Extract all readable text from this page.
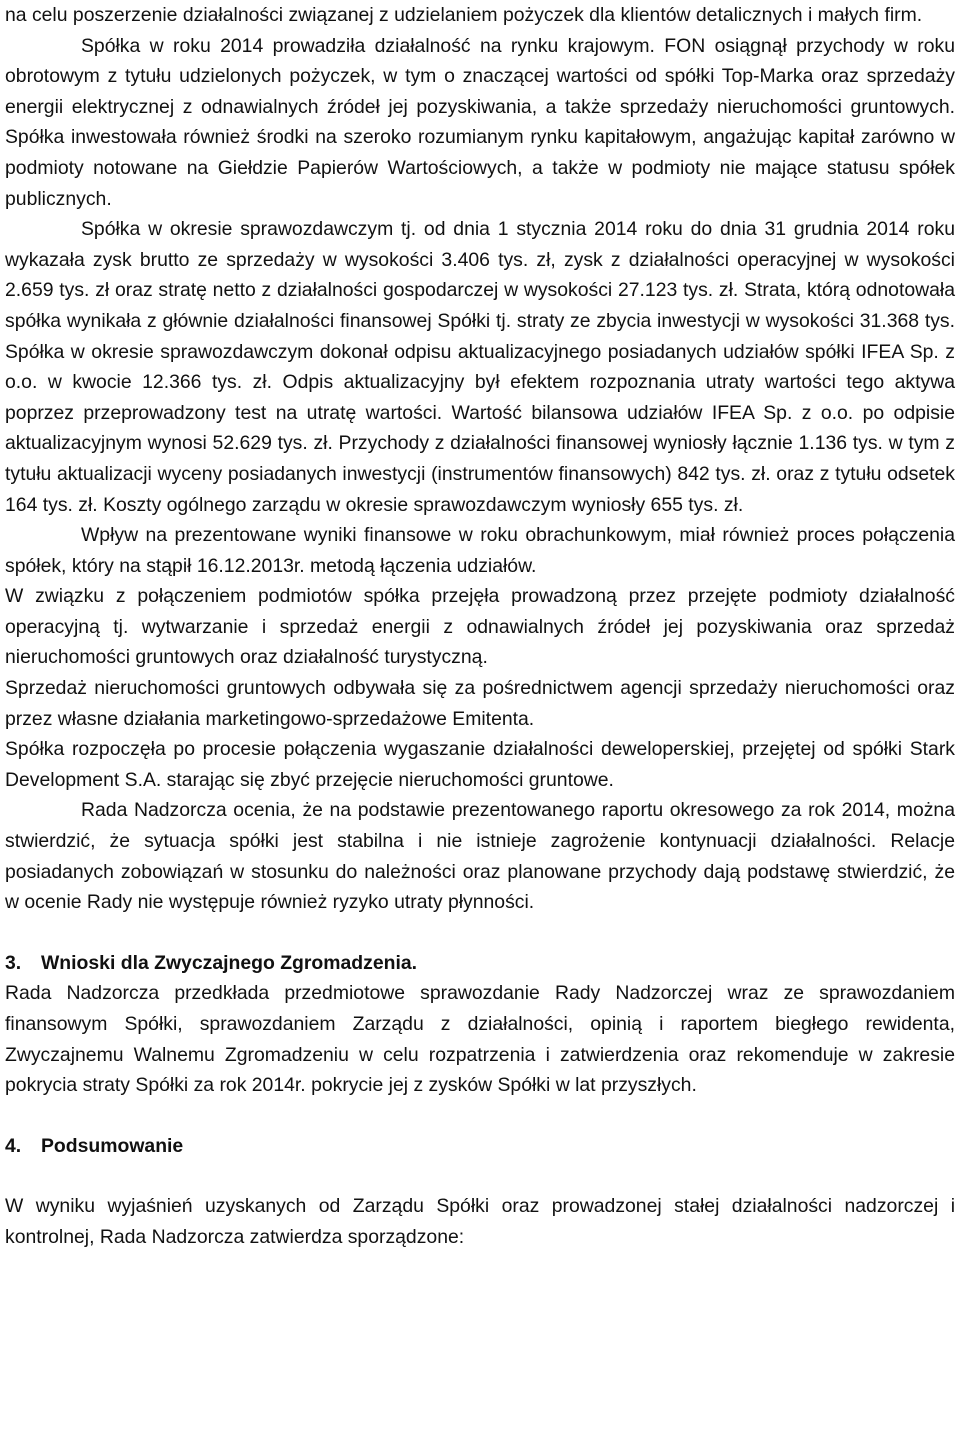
na celu poszerzenie działalności związanej z udzielaniem pożyczek dla klientów detalicznych i małych firm.

Spółka w roku 2014 prowadziła działalność na rynku krajowym. FON osiągnął przychody w roku obrotowym z tytułu udzielonych pożyczek, w tym o znaczącej wartości od spółki Top-Marka oraz sprzedaży energii elektrycznej z odnawialnych źródeł jej pozyskiwania, a także sprzedaży nieruchomości gruntowych. Spółka inwestowała również środki na szeroko rozumianym rynku kapitałowym, angażując kapitał zarówno w podmioty notowane na Giełdzie Papierów Wartościowych, a także w podmioty nie mające statusu spółek publicznych.

Spółka w okresie sprawozdawczym tj. od dnia 1 stycznia 2014 roku do dnia 31 grudnia 2014 roku wykazała zysk brutto ze sprzedaży w wysokości 3.406 tys. zł, zysk z działalności operacyjnej w wysokości 2.659 tys. zł oraz stratę netto z działalności gospodarczej w wysokości 27.123 tys. zł. Strata, którą odnotowała spółka wynikała z głównie działalności finansowej Spółki tj. straty ze zbycia inwestycji w wysokości 31.368 tys. Spółka w okresie sprawozdawczym dokonał odpisu aktualizacyjnego posiadanych udziałów spółki IFEA Sp. z o.o. w kwocie 12.366 tys. zł. Odpis aktualizacyjny był efektem rozpoznania utraty wartości tego aktywa poprzez przeprowadzony test na utratę wartości. Wartość bilansowa udziałów IFEA Sp. z o.o. po odpisie aktualizacyjnym wynosi 52.629 tys. zł. Przychody z działalności finansowej wyniosły łącznie 1.136 tys. w tym z tytułu aktualizacji wyceny posiadanych inwestycji (instrumentów finansowych) 842 tys. zł. oraz z tytułu odsetek 164 tys. zł. Koszty ogólnego zarządu w okresie sprawozdawczym wyniosły 655 tys. zł.

Wpływ na prezentowane wyniki finansowe w roku obrachunkowym, miał również proces połączenia spółek, który na stąpił 16.12.2013r. metodą łączenia udziałów.

W związku z połączeniem podmiotów spółka przejęła prowadzoną przez przejęte podmioty działalność operacyjną tj. wytwarzanie i sprzedaż energii z odnawialnych źródeł jej pozyskiwania oraz sprzedaż nieruchomości gruntowych oraz działalność turystyczną.

Sprzedaż nieruchomości gruntowych odbywała się za pośrednictwem agencji sprzedaży nieruchomości oraz przez własne działania marketingowo-sprzedażowe Emitenta.

Spółka rozpoczęła po procesie połączenia wygaszanie działalności deweloperskiej, przejętej od spółki Stark Development S.A. starając się zbyć przejęcie nieruchomości gruntowe.

Rada Nadzorcza ocenia, że na podstawie prezentowanego raportu okresowego za rok 2014, można stwierdzić, że sytuacja spółki jest stabilna i nie istnieje zagrożenie kontynuacji działalności. Relacje posiadanych zobowiązań w stosunku do należności oraz planowane przychody dają podstawę stwierdzić, że w ocenie Rady nie występuje również ryzyko utraty płynności.

3. Wnioski dla Zwyczajnego Zgromadzenia.

Rada Nadzorcza przedkłada przedmiotowe sprawozdanie Rady Nadzorczej wraz ze sprawozdaniem finansowym Spółki, sprawozdaniem Zarządu z działalności, opinią i raportem biegłego rewidenta, Zwyczajnemu Walnemu Zgromadzeniu w celu rozpatrzenia i zatwierdzenia oraz rekomenduje w zakresie pokrycia straty Spółki za rok 2014r. pokrycie jej z zysków Spółki w lat przyszłych.

4. Podsumowanie

W wyniku wyjaśnień uzyskanych od Zarządu Spółki oraz prowadzonej stałej działalności nadzorczej i kontrolnej, Rada Nadzorcza zatwierdza sporządzone:
